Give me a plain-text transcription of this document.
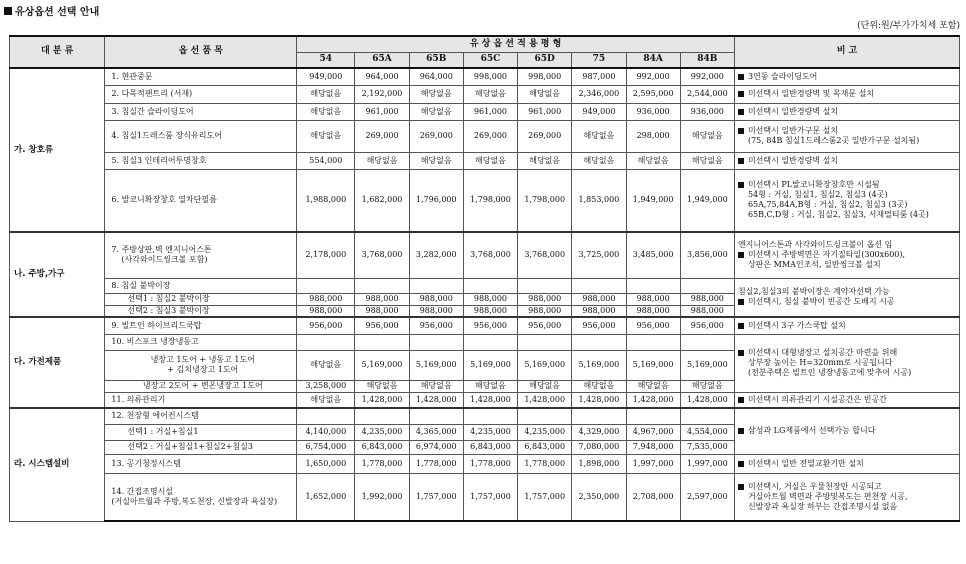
유상옵션 선택 안내
(단위:원/부가가치세 포함)
대 분 류	옵 선 품 목	유 상 옵 션 적 용 평 형								비 고
		54	65A	65B	65C	65D	75	84A	84B	
가. 창호류	1. 현관중문	949,000	964,000	964,000	998,000	998,000	987,000	992,000	992,000	3연동 슬라이딩도어
	2. 다목적팬트리 (서재)	해당없음	2,192,000	해당없음	해당없음	해당없음	2,346,000	2,595,000	2,544,000	미선택시 일반경량벽 및 목재문 설치
	3. 침실간 슬라이딩도어	해당없음	961,000	해당없음	961,000	961,000	949,000	936,000	936,000	미선택시 일반경량벽 설치
	4. 침실1드레스룸 장식유리도어	해당없음	269,000	269,000	269,000	269,000	해당없음	298,000	해당없음	미선택시 일반가구문 설치
(75, 84B 침실1드레스룸2곳 일반가구문 설치됨)
	5. 침실3 인테리어투명창호	554,000	해당없음	해당없음	해당없음	해당없음	해당없음	해당없음	해당없음	미선택시 일반경량벽 설치
	6. 발코니확장창호 열차단필름	1,988,000	1,682,000	1,796,000	1,798,000	1,798,000	1,853,000	1,949,000	1,949,000	미선택시 PL발코니확장창호만 시설됨
54형 : 거실, 침실1, 침실2, 침실3 (4곳)
65A,75,84A,B형 : 거실, 침실2, 침실3 (3곳)
65B,C,D형 : 거실, 침실2, 침실3, 서재멀티룸 (4곳)
나. 주방,가구	7. 주방상판,벽 엔지니어스톤
(사각와이드씽크볼 포함)	2,178,000	3,768,000	3,282,000	3,768,000	3,768,000	3,725,000	3,485,000	3,856,000	엔지니어스톤과 사각와이드싱크볼이 옵션 임
미선택시 주방벽면은 자기질타일(300x600),
상판은 MMA인조석, 일반씽크볼 설치
	8. 침실 붙박이장									침실2,침실3의 붙박이장은 계약자선택 가능
미선택시, 침실 붙박이 빈공간 도배지 시공
	선택1 : 침실2 붙박이장	988,000	988,000	988,000	988,000	988,000	988,000	988,000	988,000	
	선택2 : 침실3 붙박이장	988,000	988,000	988,000	988,000	988,000	988,000	988,000	988,000	
다. 가전제품	9. 빌트인 하이브리드쿡탑	956,000	956,000	956,000	956,000	956,000	956,000	956,000	956,000	미선택시 3구 가스쿡탑 설치
	10. 비스포크 냉장냉동고									미선택시 대형냉장고 설치공간 마련을 위해
상부장 높이는 H=320mm로 시공됩니다
(전분주택은 빌트인 냉장냉동고에 맞추어 시공)
	냉장고 1도어 + 냉동고 1도어
+ 김치냉장고 1도어	해당없음	5,169,000	5,169,000	5,169,000	5,169,000	5,169,000	5,169,000	5,169,000	
	냉장고 2도어 + 변온냉장고 1도어	3,258,000	해당없음	해당없음	해당없음	해당없음	해당없음	해당없음	해당없음	
	11. 의류관리기	해당없음	1,428,000	1,428,000	1,428,000	1,428,000	1,428,000	1,428,000	1,428,000	미선택시 의류관리기 시설공간은 빈공간
라. 시스템설비	12. 천장형 에어컨시스템									삼성과 LG제품에서 선택가능 합니다
	선택1 : 거실+침실1	4,140,000	4,235,000	4,365,000	4,235,000	4,235,000	4,329,000	4,967,000	4,554,000	
	선택2 : 거실+침실1+침실2+침실3	6,754,000	6,843,000	6,974,000	6,843,000	6,843,000	7,080,000	7,948,000	7,535,000	
	13. 공기청정시스템	1,650,000	1,778,000	1,778,000	1,778,000	1,778,000	1,898,000	1,997,000	1,997,000	미선택시 일반 전열교환기만 설치
	14. 간접조명시설
(거실아트월과 주방,복도천장, 신발장과 욕실장)	1,652,000	1,992,000	1,757,000	1,757,000	1,757,000	2,350,000	2,708,000	2,597,000	미선택시, 거실은 우물천장만 시공되고
거실아트월 벽면과 주방및복도는 편천장 시공,
신발장과 욕실장 하부는 간접조명시설 없음
